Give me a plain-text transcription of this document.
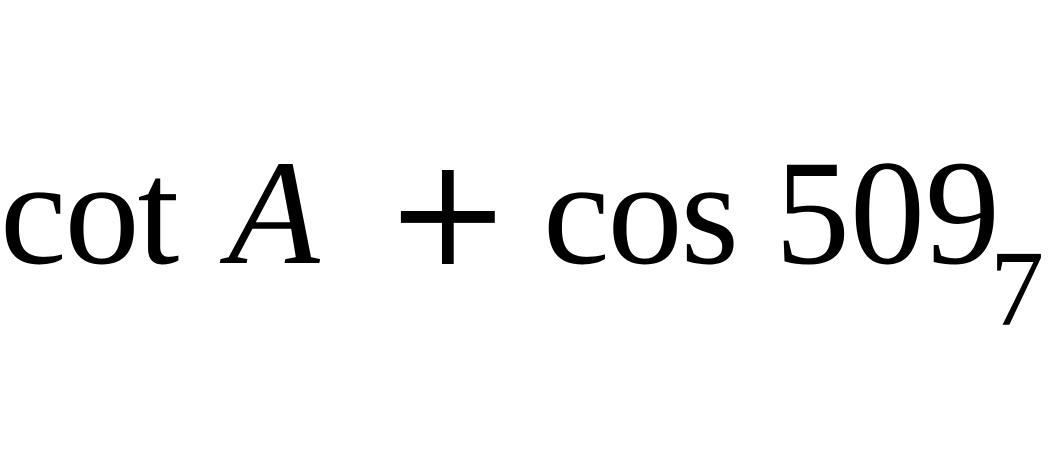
cot A + cos 509
7
